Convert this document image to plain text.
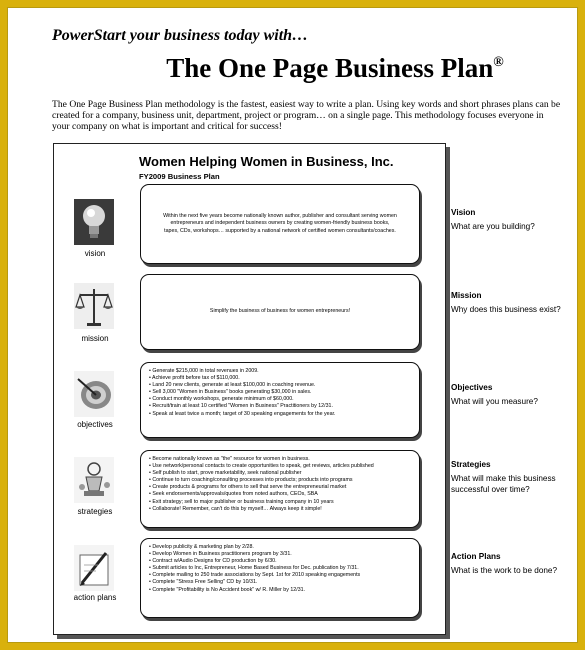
PowerStart your business today with…
The One Page Business Plan®
The One Page Business Plan methodology is the fastest, easiest way to write a plan. Using key words and short phrases plans can be created for a company, business unit, department, project or program… on a single page. This methodology focuses everyone in your company on what is important and critical for success!
Women Helping Women in Business, Inc.
FY2009 Business Plan
vision
Within the next five years become nationally known author, publisher and consultant serving women entrepreneurs and independent business owners by creating women-friendly business books, tapes, CDs, workshops… supported by a national network of certified women consultants/coaches.
mission
Simplify the business of business for women entrepreneurs!
objectives
• Generate $215,000 in total revenues in 2009.
• Achieve profit before tax of $110,000.
• Land 20 new clients, generate at least $100,000 in coaching revenue.
• Sell 3,000 "Women in Business" books generating $30,000 in sales.
• Conduct monthly workshops, generate minimum of $60,000.
• Recruit/train at least 10 certified "Women in Business" Practitioners by 12/31.
• Speak at least twice a month; target of 30 speaking engagements for the year.
strategies
• Become nationally known as "the" resource for women in business.
• Use network/personal contacts to create opportunities to speak, get reviews, articles published
• Self publish to start, prove marketability, seek national publisher
• Continue to turn coaching/consulting processes into products; products into programs
• Create products & programs for others to sell that serve the entrepreneurial market
• Seek endorsements/approvals/quotes from noted authors, CEOs, SBA
• Exit strategy; sell to major publisher or business training company in 10 years
• Collaborate! Remember, can't do this by myself… Always keep it simple!
action plans
• Develop publicity & marketing plan by 2/28.
• Develop Women in Business practitioners program by 3/31.
• Contract w/Audio Designs for CD production by 6/30.
• Submit articles to Inc, Entrepreneur, Home Based Business for Dec. publication by 7/31.
• Complete mailing to 250 trade associations by Sept. 1st for 2010 speaking engagements
• Complete "Stress Free Selling" CD by 10/31.
• Complete "Profitability is No Accident book" w/ R. Miller by 12/31.
Vision
What are you building?
Mission
Why does this business exist?
Objectives
What will you measure?
Strategies
What will make this business successful over time?
Action Plans
What is the work to be done?
